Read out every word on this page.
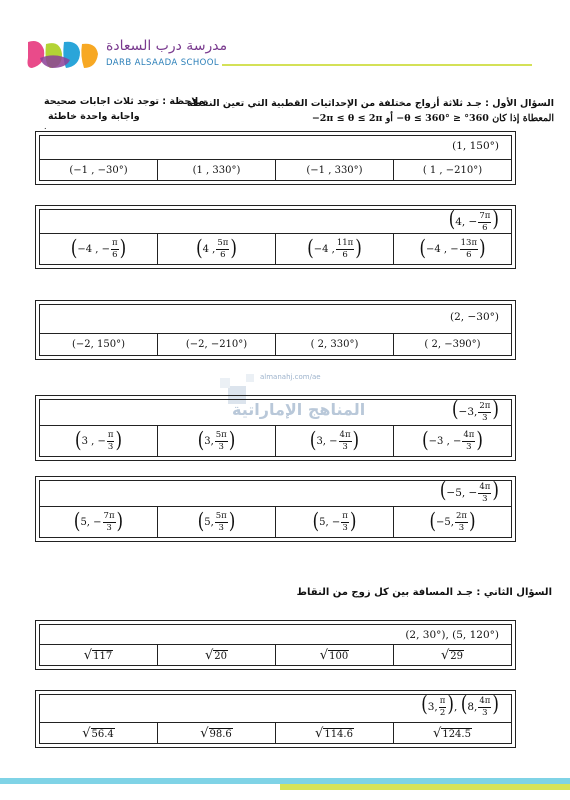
مدرسة درب السعادة
DARB ALSAADA SCHOOL
السؤال الأول : جـد ثلاثة أزواج مختلفة من الإحداثيات القطبية التي تعين النقطة
المعطاة إذا كان 360° ≤ θ ≤ 360°− أو 2π ≤ θ ≤ 2π−
ملاحظة : توجد ثلاث اجابات صحيحة
واجابة واحدة خاطئة
.
(1, 150°)
(−1 , −30°)	(1 , 330°)	(−1 , 330°)	( 1 , −210°)
(4, − $\frac{7\pi}{6}$ )
( −4 , − $\frac{\pi}{6}$ )	( 4 , $\frac{5\pi}{6}$ )	( −4 , $\frac{11\pi}{6}$ )	( −4 , − $\frac{13\pi}{6}$ )
(2, −30°)
(−2, 150°)	(−2, −210°)	( 2, 330°)	( 2, −390°)
almanahj.com/ae
المناهج الإماراتية	(−3, $\frac{2\pi}{3}$ )
( 3 , − $\frac{\pi}{3}$ )	( 3, $\frac{5\pi}{3}$ )	( 3, − $\frac{4\pi}{3}$ )	( −3 , − $\frac{4\pi}{3}$ )
(−5, − $\frac{4\pi}{3}$ )
( 5, − $\frac{7\pi}{3}$ )	( 5, $\frac{5\pi}{3}$ )	( 5, − $\frac{\pi}{3}$ )	( −5, $\frac{2\pi}{3}$ )
السؤال الثاني : جـد المسافة بين كل زوج من النقاط
(2, 30°), (5, 120°)
√ 117	√ 20	√ 100	√ 29
(3, $\frac{\pi}{2}$ ), (8, $\frac{4\pi}{3}$ )
√ 56.4	√ 98.6	√ 114.6	√ 124.5
